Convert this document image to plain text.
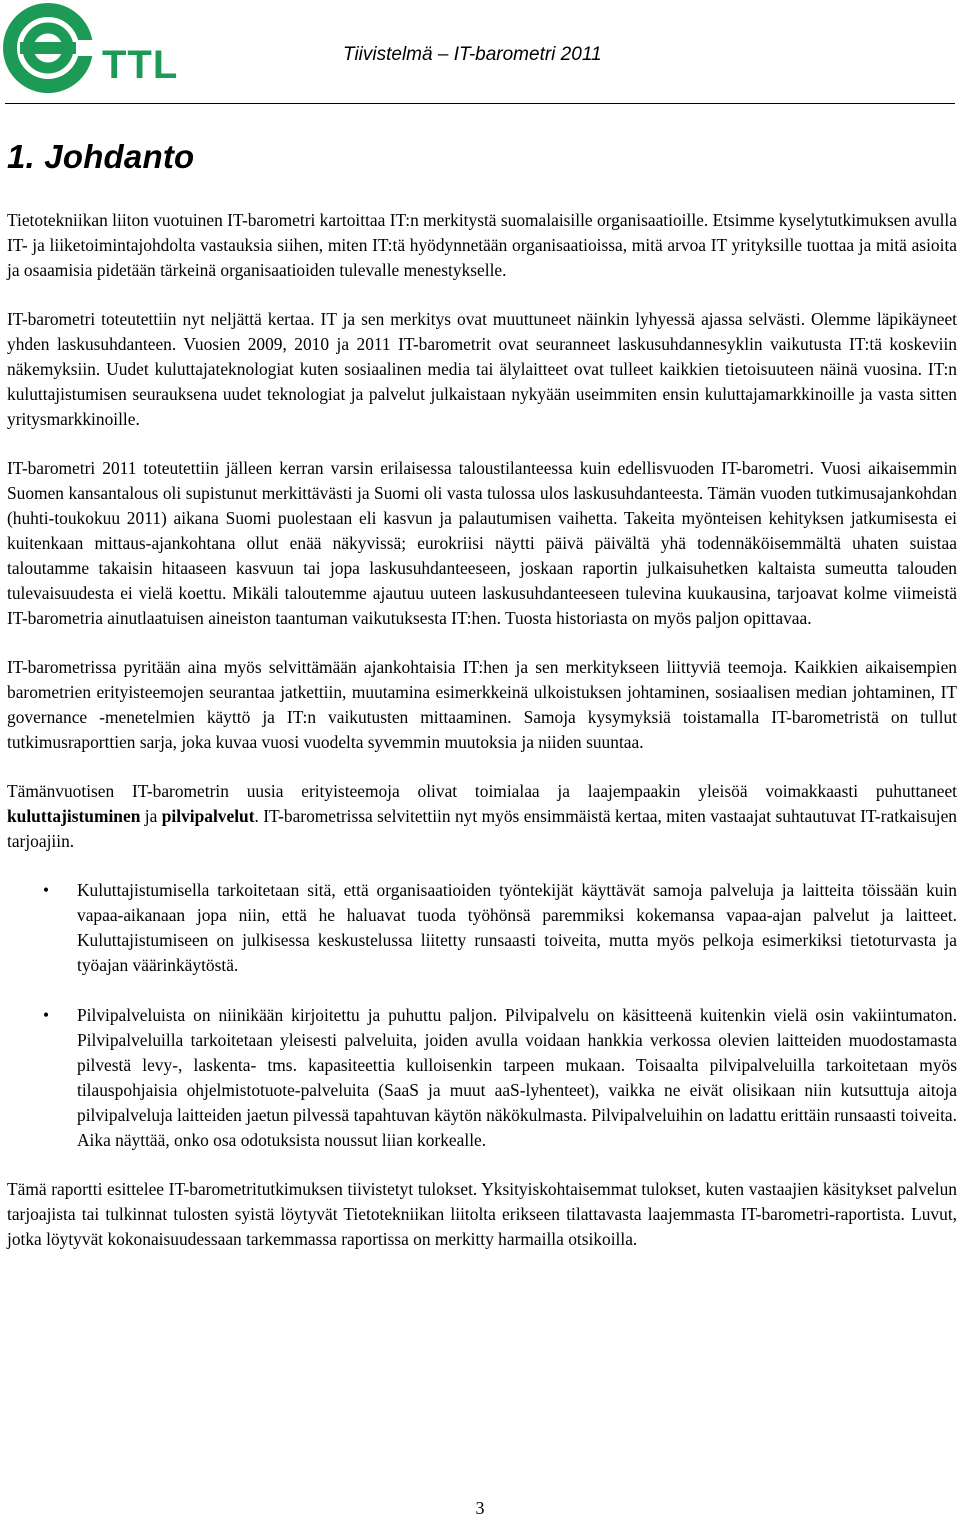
TTL	Tiivistelmä – IT-barometri 2011
1. Johdanto

Tietotekniikan liiton vuotuinen IT-barometri kartoittaa IT:n merkitystä suomalaisille organisaatioille. Etsimme kyselytutkimuksen avulla IT- ja liiketoimintajohdolta vastauksia siihen, miten IT:tä hyödynnetään organisaatioissa, mitä arvoa IT yrityksille tuottaa ja mitä asioita ja osaamisia pidetään tärkeinä organisaatioiden tulevalle menestykselle.

IT-barometri toteutettiin nyt neljättä kertaa. IT ja sen merkitys ovat muuttuneet näinkin lyhyessä ajassa selvästi. Olemme läpikäyneet yhden laskusuhdanteen. Vuosien 2009, 2010 ja 2011 IT-barometrit ovat seuranneet laskusuhdannesyklin vaikutusta IT:tä koskeviin näkemyksiin. Uudet kuluttajateknologiat kuten sosiaalinen media tai älylaitteet ovat tulleet kaikkien tietoisuuteen näinä vuosina. IT:n kuluttajistumisen seurauksena uudet teknologiat ja palvelut julkaistaan nykyään useimmiten ensin kuluttajamarkkinoille ja vasta sitten yritysmarkkinoille.

IT-barometri 2011 toteutettiin jälleen kerran varsin erilaisessa taloustilanteessa kuin edellisvuoden IT-barometri. Vuosi aikaisemmin Suomen kansantalous oli supistunut merkittävästi ja Suomi oli vasta tulossa ulos laskusuhdanteesta. Tämän vuoden tutkimusajankohdan (huhti-toukokuu 2011) aikana Suomi puolestaan eli kasvun ja palautumisen vaihetta. Takeita myönteisen kehityksen jatkumisesta ei kuitenkaan mittaus-ajankohtana ollut enää näkyvissä; eurokriisi näytti päivä päivältä yhä todennäköisemmältä uhaten suistaa taloutamme takaisin hitaaseen kasvuun tai jopa laskusuhdanteeseen, joskaan raportin julkaisuhetken kaltaista sumeutta talouden tulevaisuudesta ei vielä koettu. Mikäli taloutemme ajautuu uuteen laskusuhdanteeseen tulevina kuukausina, tarjoavat kolme viimeistä IT-barometria ainutlaatuisen aineiston taantuman vaikutuksesta IT:hen. Tuosta historiasta on myös paljon opittavaa.

IT-barometrissa pyritään aina myös selvittämään ajankohtaisia IT:hen ja sen merkitykseen liittyviä teemoja. Kaikkien aikaisempien barometrien erityisteemojen seurantaa jatkettiin, muutamina esimerkkeinä ulkoistuksen johtaminen, sosiaalisen median johtaminen, IT governance -menetelmien käyttö ja IT:n vaikutusten mittaaminen. Samoja kysymyksiä toistamalla IT-barometristä on tullut tutkimusraporttien sarja, joka kuvaa vuosi vuodelta syvemmin muutoksia ja niiden suuntaa.

Tämänvuotisen IT-barometrin uusia erityisteemoja olivat toimialaa ja laajempaakin yleisöä voimakkaasti puhuttaneet kuluttajistuminen ja pilvipalvelut. IT-barometrissa selvitettiin nyt myös ensimmäistä kertaa, miten vastaajat suhtautuvat IT-ratkaisujen tarjoajiin.

• Kuluttajistumisella tarkoitetaan sitä, että organisaatioiden työntekijät käyttävät samoja palveluja ja laitteita töissään kuin vapaa-aikanaan jopa niin, että he haluavat tuoda työhönsä paremmiksi kokemansa vapaa-ajan palvelut ja laitteet. Kuluttajistumiseen on julkisessa keskustelussa liitetty runsaasti toiveita, mutta myös pelkoja esimerkiksi tietoturvasta ja työajan väärinkäytöstä.
• Pilvipalveluista on niinikään kirjoitettu ja puhuttu paljon. Pilvipalvelu on käsitteenä kuitenkin vielä osin vakiintumaton. Pilvipalveluilla tarkoitetaan yleisesti palveluita, joiden avulla voidaan hankkia verkossa olevien laitteiden muodostamasta pilvestä levy-, laskenta- tms. kapasiteettia kulloisenkin tarpeen mukaan. Toisaalta pilvipalveluilla tarkoitetaan myös tilauspohjaisia ohjelmistotuote-palveluita (SaaS ja muut aaS-lyhenteet), vaikka ne eivät olisikaan niin kutsuttuja aitoja pilvipalveluja laitteiden jaetun pilvessä tapahtuvan käytön näkökulmasta. Pilvipalveluihin on ladattu erittäin runsaasti toiveita. Aika näyttää, onko osa odotuksista noussut liian korkealle.

Tämä raportti esittelee IT-barometritutkimuksen tiivistetyt tulokset. Yksityiskohtaisemmat tulokset, kuten vastaajien käsitykset palvelun tarjoajista tai tulkinnat tulosten syistä löytyvät Tietotekniikan liitolta erikseen tilattavasta laajemmasta IT-barometri-raportista. Luvut, jotka löytyvät kokonaisuudessaan tarkemmassa raportissa on merkitty harmailla otsikoilla.

3
